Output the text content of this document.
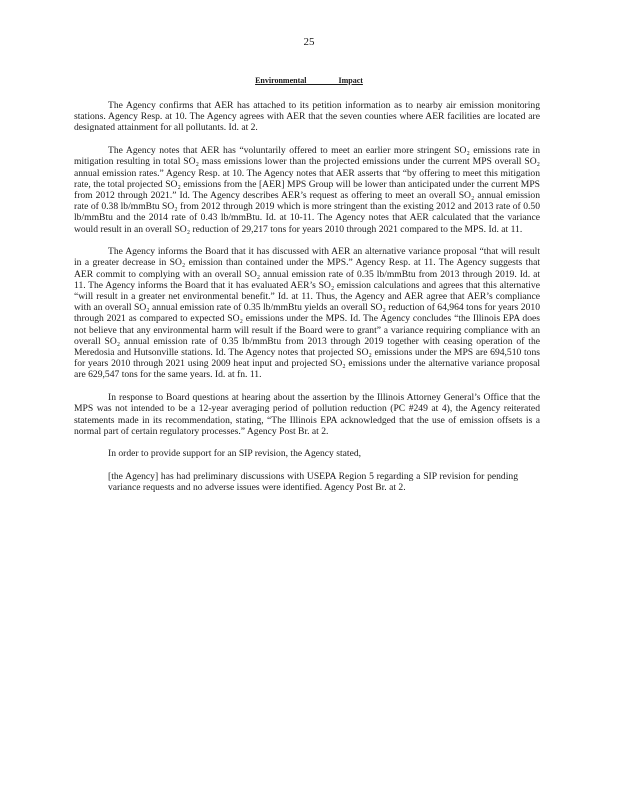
25
Environmental Impact

The Agency confirms that AER has attached to its petition information as to nearby air emission monitoring stations. Agency Resp. at 10. The Agency agrees with AER that the seven counties where AER facilities are located are designated attainment for all pollutants. Id. at 2.

The Agency notes that AER has “voluntarily offered to meet an earlier more stringent SO₂ emissions rate in mitigation resulting in total SO₂ mass emissions lower than the projected emissions under the current MPS overall SO₂ annual emission rates.” Agency Resp. at 10. The Agency notes that AER asserts that “by offering to meet this mitigation rate, the total projected SO₂ emissions from the [AER] MPS Group will be lower than anticipated under the current MPS from 2012 through 2021.” Id. The Agency describes AER’s request as offering to meet an overall SO₂ annual emission rate of 0.38 lb/mmBtu SO₂ from 2012 through 2019 which is more stringent than the existing 2012 and 2013 rate of 0.50 lb/mmBtu and the 2014 rate of 0.43 lb/mmBtu. Id. at 10-11. The Agency notes that AER calculated that the variance would result in an overall SO₂ reduction of 29,217 tons for years 2010 through 2021 compared to the MPS. Id. at 11.

The Agency informs the Board that it has discussed with AER an alternative variance proposal “that will result in a greater decrease in SO₂ emission than contained under the MPS.” Agency Resp. at 11. The Agency suggests that AER commit to complying with an overall SO₂ annual emission rate of 0.35 lb/mmBtu from 2013 through 2019. Id. at 11. The Agency informs the Board that it has evaluated AER’s SO₂ emission calculations and agrees that this alternative “will result in a greater net environmental benefit.” Id. at 11. Thus, the Agency and AER agree that AER’s compliance with an overall SO₂ annual emission rate of 0.35 lb/mmBtu yields an overall SO₂ reduction of 64,964 tons for years 2010 through 2021 as compared to expected SO₂ emissions under the MPS. Id. The Agency concludes “the Illinois EPA does not believe that any environmental harm will result if the Board were to grant” a variance requiring compliance with an overall SO₂ annual emission rate of 0.35 lb/mmBtu from 2013 through 2019 together with ceasing operation of the Meredosia and Hutsonville stations. Id. The Agency notes that projected SO₂ emissions under the MPS are 694,510 tons for years 2010 through 2021 using 2009 heat input and projected SO₂ emissions under the alternative variance proposal are 629,547 tons for the same years. Id. at fn. 11.

In response to Board questions at hearing about the assertion by the Illinois Attorney General’s Office that the MPS was not intended to be a 12-year averaging period of pollution reduction (PC #249 at 4), the Agency reiterated statements made in its recommendation, stating, “The Illinois EPA acknowledged that the use of emission offsets is a normal part of certain regulatory processes.” Agency Post Br. at 2.

In order to provide support for an SIP revision, the Agency stated,

[the Agency] has had preliminary discussions with USEPA Region 5 regarding a SIP revision for pending variance requests and no adverse issues were identified. Agency Post Br. at 2.
